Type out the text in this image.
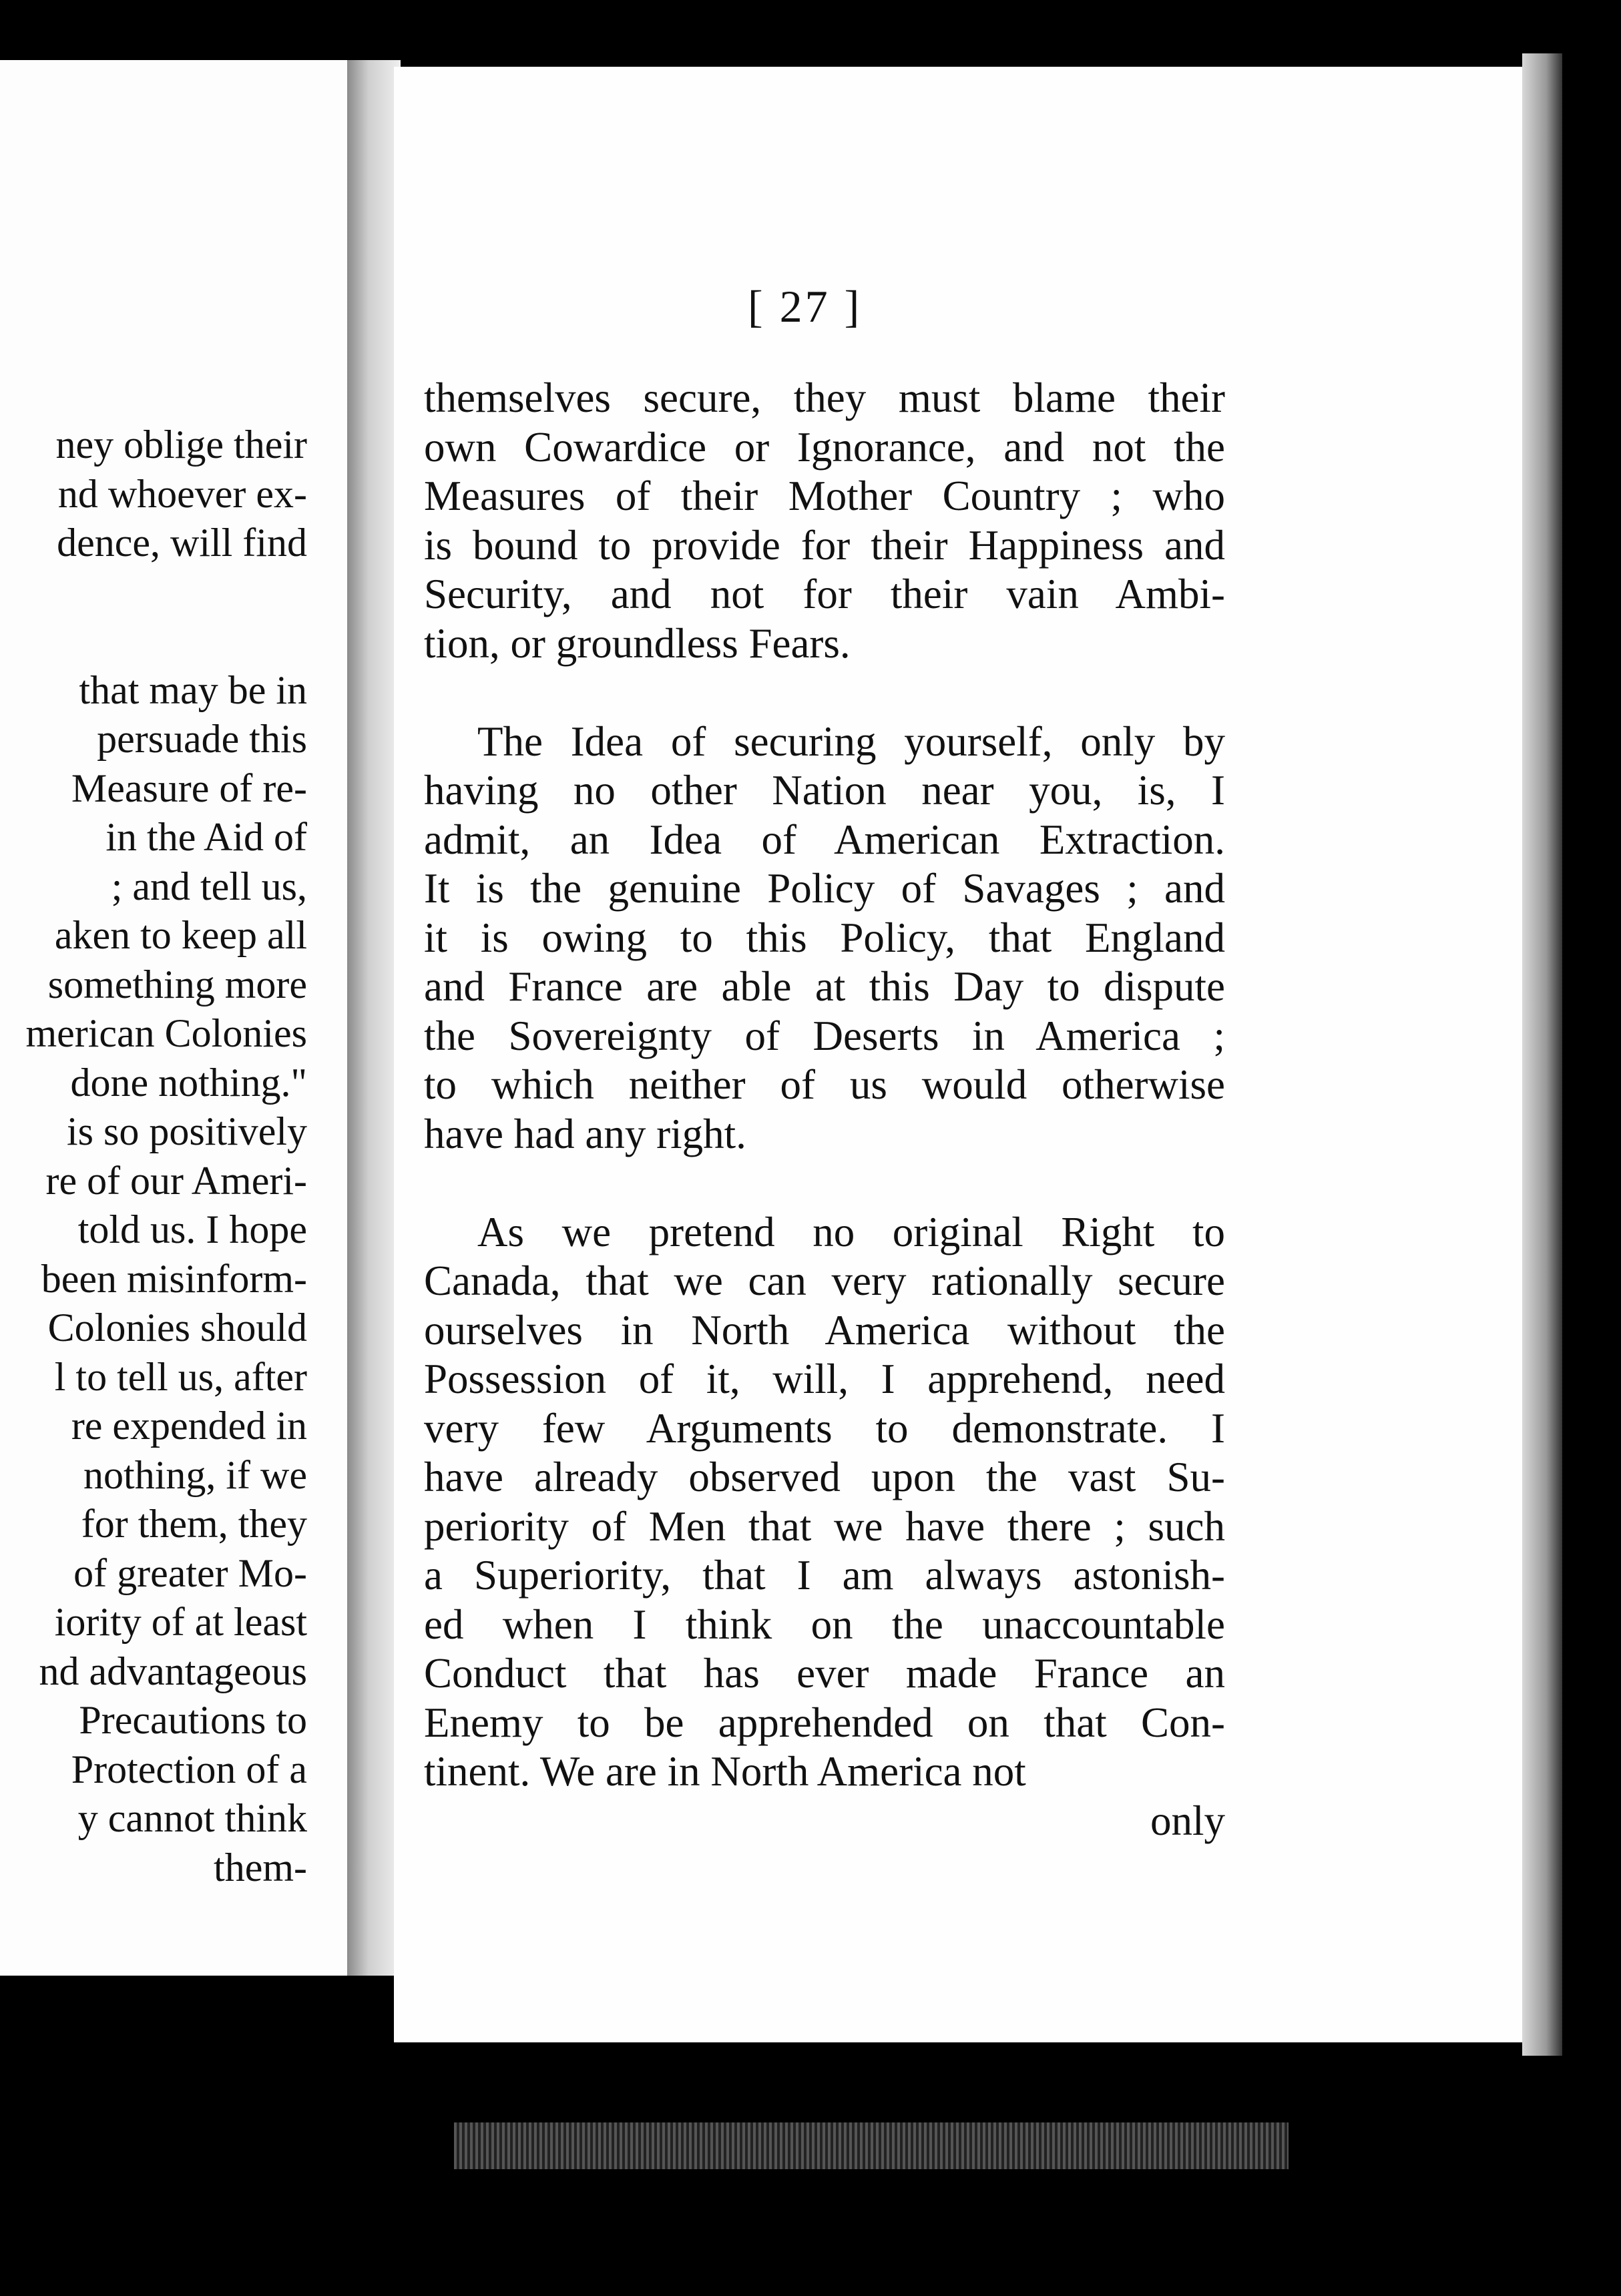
ney oblige their
nd whoever ex-
dence, will find

that may be in
persuade this
Measure of re-
in the Aid of
; and tell us,
aken to keep all
something more
merican Colonies
done nothing."
is so positively
re of our Ameri-
told us. I hope
been misinform-
Colonies should
l to tell us, after
re expended in
nothing, if we
for them, they
of greater Mo-
iority of at least
nd advantageous
Precautions to
Protection of a
y cannot think
them-
[ 27 ]
themselves secure, they must blame their
own Cowardice or Ignorance, and not the
Measures of their Mother Country ; who
is bound to provide for their Happiness and
Security, and not for their vain Ambi-
tion, or groundless Fears.
The Idea of securing yourself, only by
having no other Nation near you, is, I
admit, an Idea of American Extraction.
It is the genuine Policy of Savages ; and
it is owing to this Policy, that England
and France are able at this Day to dispute
the Sovereignty of Deserts in America ;
to which neither of us would otherwise
have had any right.
As we pretend no original Right to
Canada, that we can very rationally secure
ourselves in North America without the
Possession of it, will, I apprehend, need
very few Arguments to demonstrate. I
have already observed upon the vast Su-
periority of Men that we have there ; such
a Superiority, that I am always astonish-
ed when I think on the unaccountable
Conduct that has ever made France an
Enemy to be apprehended on that Con-
tinent. We are in North America not
only
